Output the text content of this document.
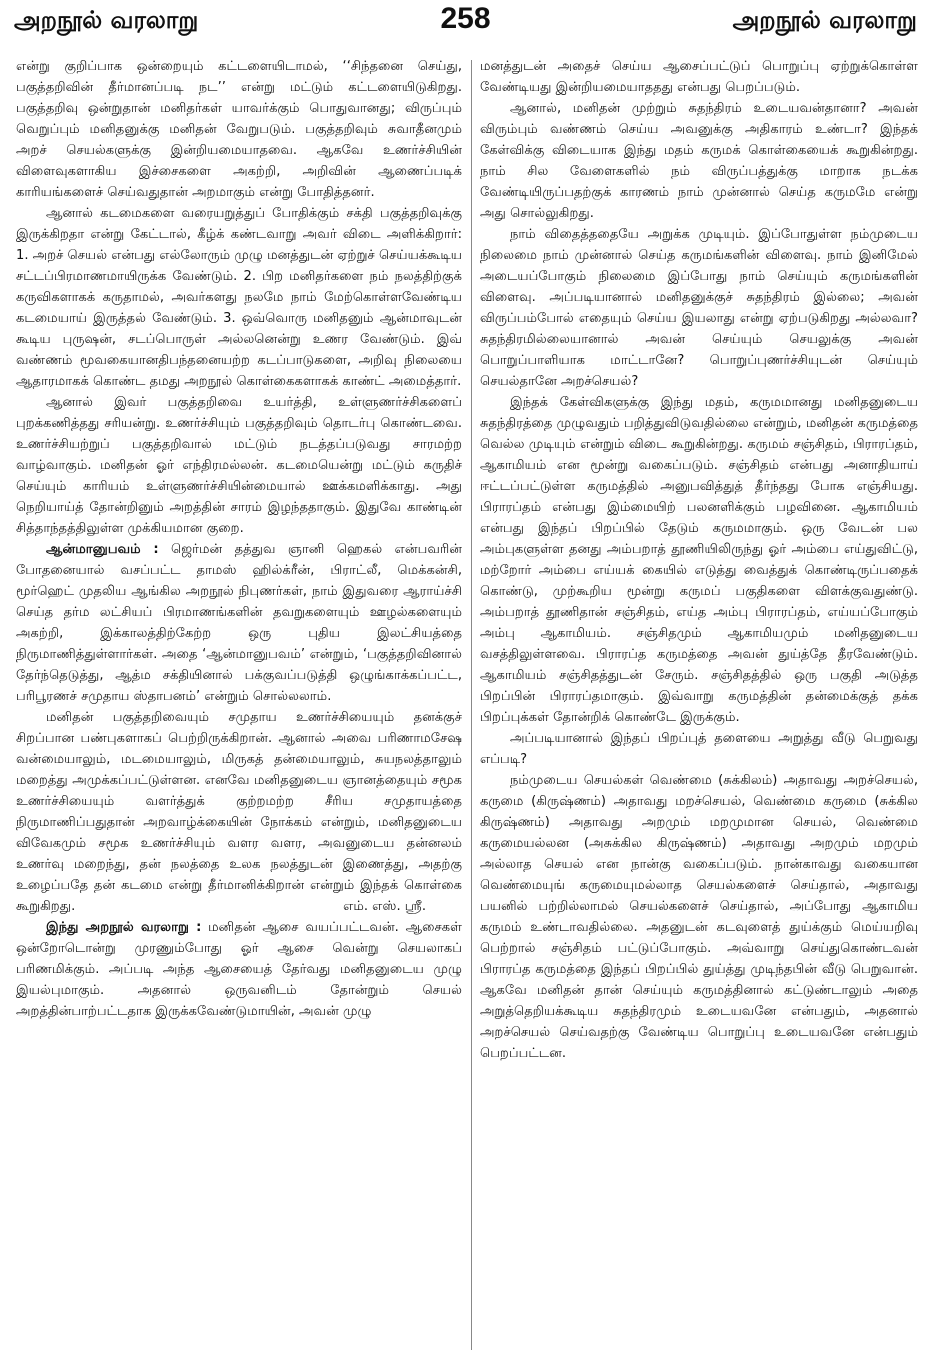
அறநூல் வரலாறு	258	அறநூல் வரலாறு

என்று குறிப்பாக ஒன்றையும் கட்டளையிடாமல், ‘‘சிந்தனை செய்து, பகுத்தறிவின் தீர்மானப்படி நட’’ என்று மட்டும் கட்டளையிடுகிறது. பகுத்தறிவு ஒன்றுதான் மனிதர்கள் யாவர்க்கும் பொதுவானது; விருப்பும் வெறுப்பும் மனிதனுக்கு மனிதன் வேறுபடும். பகுத்தறிவும் சுவாதீனமும் அறச் செயல்களுக்கு இன்றியமையாதவை. ஆகவே உணர்ச்சியின் விளைவுகளாகிய இச்சைகளை அகற்றி, அறிவின் ஆணைப்படிக் காரியங்களைச் செய்வதுதான் அறமாகும் என்று போதித்தனர்.

ஆனால் கடமைகளை வரையறுத்துப் போதிக்கும் சக்தி பகுத்தறிவுக்கு இருக்கிறதா என்று கேட்டால், கீழ்க் கண்டவாறு அவர் விடை அளிக்கிறார்: 1. அறச் செயல் என்பது எல்லோரும் முழு மனத்துடன் ஏற்றுச் செய்யக்கூடிய சட்டப்பிரமாணமாயிருக்க வேண்டும். 2. பிற மனிதர்களை நம் நலத்திற்குக் கருவிகளாகக் கருதாமல், அவர்களது நலமே நாம் மேற்கொள்ளவேண்டிய கடமையாய் இருத்தல் வேண்டும். 3. ஒவ்வொரு மனிதனும் ஆன்மாவுடன் கூடிய புருஷன், சடப்பொருள் அல்லனென்று உணர வேண்டும். இவ் வண்ணம் மூவகையானதிபந்தனையற்ற கடப்பாடுகளை, அறிவு நிலையை ஆதாரமாகக் கொண்ட தமது அறநூல் கொள்கைகளாகக் காண்ட் அமைத்தார்.

ஆனால் இவர் பகுத்தறிவை உயர்த்தி, உள்ளுணர்ச்சிகளைப் புறக்கணித்தது சரியன்று. உணர்ச்சியும் பகுத்தறிவும் தொடர்பு கொண்டவை. உணர்ச்சியற்றுப் பகுத்தறிவால் மட்டும் நடத்தப்படுவது சாரமற்ற வாழ்வாகும். மனிதன் ஓர் எந்திரமல்லன். கடமையென்று மட்டும் கருதிச் செய்யும் காரியம் உள்ளுணர்ச்சியின்மையால் ஊக்கமளிக்காது. அது நெறியாய்த் தோன்றினும் அறத்தின் சாரம் இழந்ததாகும். இதுவே காண்டின் சித்தாந்தத்திலுள்ள முக்கியமான குறை.

ஆன்மானுபவம் : ஜெர்மன் தத்துவ ஞானி ஹெகல் என்பவரின் போதனையால் வசப்பட்ட தாமஸ் ஹில்க்ரீன், பிராட்லீ, மெக்கன்சி, மூர்ஹெட் முதலிய ஆங்கில அறநூல் நிபுணர்கள், நாம் இதுவரை ஆராய்ச்சி செய்த தர்ம லட்சியப் பிரமாணங்களின் தவறுகளையும் ஊழல்களையும் அகற்றி, இக்காலத்திற்கேற்ற ஒரு புதிய இலட்சியத்தை நிருமாணித்துள்ளார்கள். அதை ‘ஆன்மானுபவம்’ என்றும், ‘பகுத்தறிவினால் தேர்ந்தெடுத்து, ஆத்ம சக்தியினால் பக்குவப்படுத்தி ஒழுங்காக்கப்பட்ட, பரிபூரணச் சமுதாய ஸ்தாபனம்’ என்றும் சொல்லலாம்.

மனிதன் பகுத்தறிவையும் சமுதாய உணர்ச்சியையும் தனக்குச் சிறப்பான பண்புகளாகப் பெற்றிருக்கிறான். ஆனால் அவை பரிணாமசேஷ வன்மையாலும், மடமையாலும், மிருகத் தன்மையாலும், சுயநலத்தாலும் மறைத்து அமுக்கப்பட்டுள்ளன. எனவே மனிதனுடைய ஞானத்தையும் சமூக உணர்ச்சியையும் வளர்த்துக் குற்றமற்ற சீரிய சமுதாயத்தை நிருமாணிப்பதுதான் அறவாழ்க்கையின் நோக்கம் என்றும், மனிதனுடைய விவேகமும் சமூக உணர்ச்சியும் வளர வளர, அவனுடைய தன்னலம் உணர்வு மறைந்து, தன் நலத்தை உலக நலத்துடன் இணைத்து, அதற்கு உழைப்பதே தன் கடமை என்று தீர்மானிக்கிறான் என்றும் இந்தக் கொள்கை கூறுகிறது.	எம். எஸ். ஸ்ரீ.

இந்து அறநூல் வரலாறு : மனிதன் ஆசை வயப்பட்டவன். ஆசைகள் ஒன்றோடொன்று முரணும்போது ஓர் ஆசை வென்று செயலாகப் பரிணமிக்கும். அப்படி அந்த ஆசையைத் தேர்வது மனிதனுடைய முழு இயல்புமாகும். அதனால் ஒருவனிடம் தோன்றும் செயல் அறத்தின்பாற்பட்டதாக இருக்கவேண்டுமாயின், அவன் முழு

மனத்துடன் அதைச் செய்ய ஆசைப்பட்டுப் பொறுப்பு ஏற்றுக்கொள்ள வேண்டியது இன்றியமையாததது என்பது பெறப்படும்.

ஆனால், மனிதன் முற்றும் சுதந்திரம் உடையவன்தானா? அவன் விரும்பும் வண்ணம் செய்ய அவனுக்கு அதிகாரம் உண்டா? இந்தக் கேள்விக்கு விடையாக இந்து மதம் கருமக் கொள்கையைக் கூறுகின்றது. நாம் சில வேளைகளில் நம் விருப்பத்துக்கு மாறாக நடக்க வேண்டியிருப்பதற்குக் காரணம் நாம் முன்னால் செய்த கருமமே என்று அது சொல்லுகிறது.

நாம் விதைத்ததையே அறுக்க முடியும். இப்போதுள்ள நம்முடைய நிலைமை நாம் முன்னால் செய்த கருமங்களின் விளைவு. நாம் இனிமேல் அடையப்போகும் நிலைமை இப்போது நாம் செய்யும் கருமங்களின் விளைவு. அப்படியானால் மனிதனுக்குச் சுதந்திரம் இல்லை; அவன் விருப்பம்போல் எதையும் செய்ய இயலாது என்று ஏற்படுகிறது அல்லவா? சுதந்திரமில்லையானால் அவன் செய்யும் செயலுக்கு அவன் பொறுப்பாளியாக மாட்டானே? பொறுப்புணர்ச்சியுடன் செய்யும் செயல்தானே அறச்செயல்?

இந்தக் கேள்விகளுக்கு இந்து மதம், கருமமானது மனிதனுடைய சுதந்திரத்தை முழுவதும் பறித்துவிடுவதில்லை என்றும், மனிதன் கருமத்தை வெல்ல முடியும் என்றும் விடை கூறுகின்றது. கருமம் சஞ்சிதம், பிராரப்தம், ஆகாமியம் என மூன்று வகைப்படும். சஞ்சிதம் என்பது அனாதியாய் ஈட்டப்பட்டுள்ள கருமத்தில் அனுபவித்துத் தீர்ந்தது போக எஞ்சியது. பிராரப்தம் என்பது இம்மையிற் பலனளிக்கும் பழவினை. ஆகாமியம் என்பது இந்தப் பிறப்பில் தேடும் கருமமாகும். ஒரு வேடன் பல அம்புகளுள்ள தனது அம்பறாத் தூணியிலிருந்து ஓர் அம்பை எய்துவிட்டு, மற்றோர் அம்பை எய்யக் கையில் எடுத்து வைத்துக் கொண்டிருப்பதைக் கொண்டு, முற்கூறிய மூன்று கருமப் பகுதிகளை விளக்குவதுண்டு. அம்பறாத் தூணிதான் சஞ்சிதம், எய்த அம்பு பிராரப்தம், எய்யப்போகும் அம்பு ஆகாமியம். சஞ்சிதமும் ஆகாமியமும் மனிதனுடைய வசத்திலுள்ளவை. பிராரப்த கருமத்தை அவன் துய்த்தே தீரவேண்டும். ஆகாமியம் சஞ்சிதத்துடன் சேரும். சஞ்சிதத்தில் ஒரு பகுதி அடுத்த பிறப்பின் பிராரப்தமாகும். இவ்வாறு கருமத்தின் தன்மைக்குத் தக்க பிறப்புக்கள் தோன்றிக் கொண்டே இருக்கும்.

அப்படியானால் இந்தப் பிறப்புத் தளையை அறுத்து வீடு பெறுவது எப்படி?

நம்முடைய செயல்கள் வெண்மை (சுக்கிலம்) அதாவது அறச்செயல், கருமை (கிருஷ்ணம்) அதாவது மறச்செயல், வெண்மை கருமை (சுக்கில கிருஷ்ணம்) அதாவது அறமும் மறமுமான செயல், வெண்மை கருமையல்லன (அசுக்கில கிருஷ்ணம்) அதாவது அறமும் மறமும் அல்லாத செயல் என நான்கு வகைப்படும். நான்காவது வகையான வெண்மையுங் கருமையுமல்லாத செயல்களைச் செய்தால், அதாவது பயனில் பற்றில்லாமல் செயல்களைச் செய்தால், அப்போது ஆகாமிய கருமம் உண்டாவதில்லை. அதனுடன் கடவுளைத் துய்க்கும் மெய்யறிவு பெற்றால் சஞ்சிதம் பட்டுப்போகும். அவ்வாறு செய்துகொண்டவன் பிராரப்த கருமத்தை இந்தப் பிறப்பில் துய்த்து முடிந்தபின் வீடு பெறுவான். ஆகவே மனிதன் தான் செய்யும் கருமத்தினால் கட்டுண்டாலும் அதை அறுத்தெறியக்கூடிய சுதந்திரமும் உடையவனே என்பதும், அதனால் அறச்செயல் செய்வதற்கு வேண்டிய பொறுப்பு உடையவனே என்பதும் பெறப்பட்டன.
